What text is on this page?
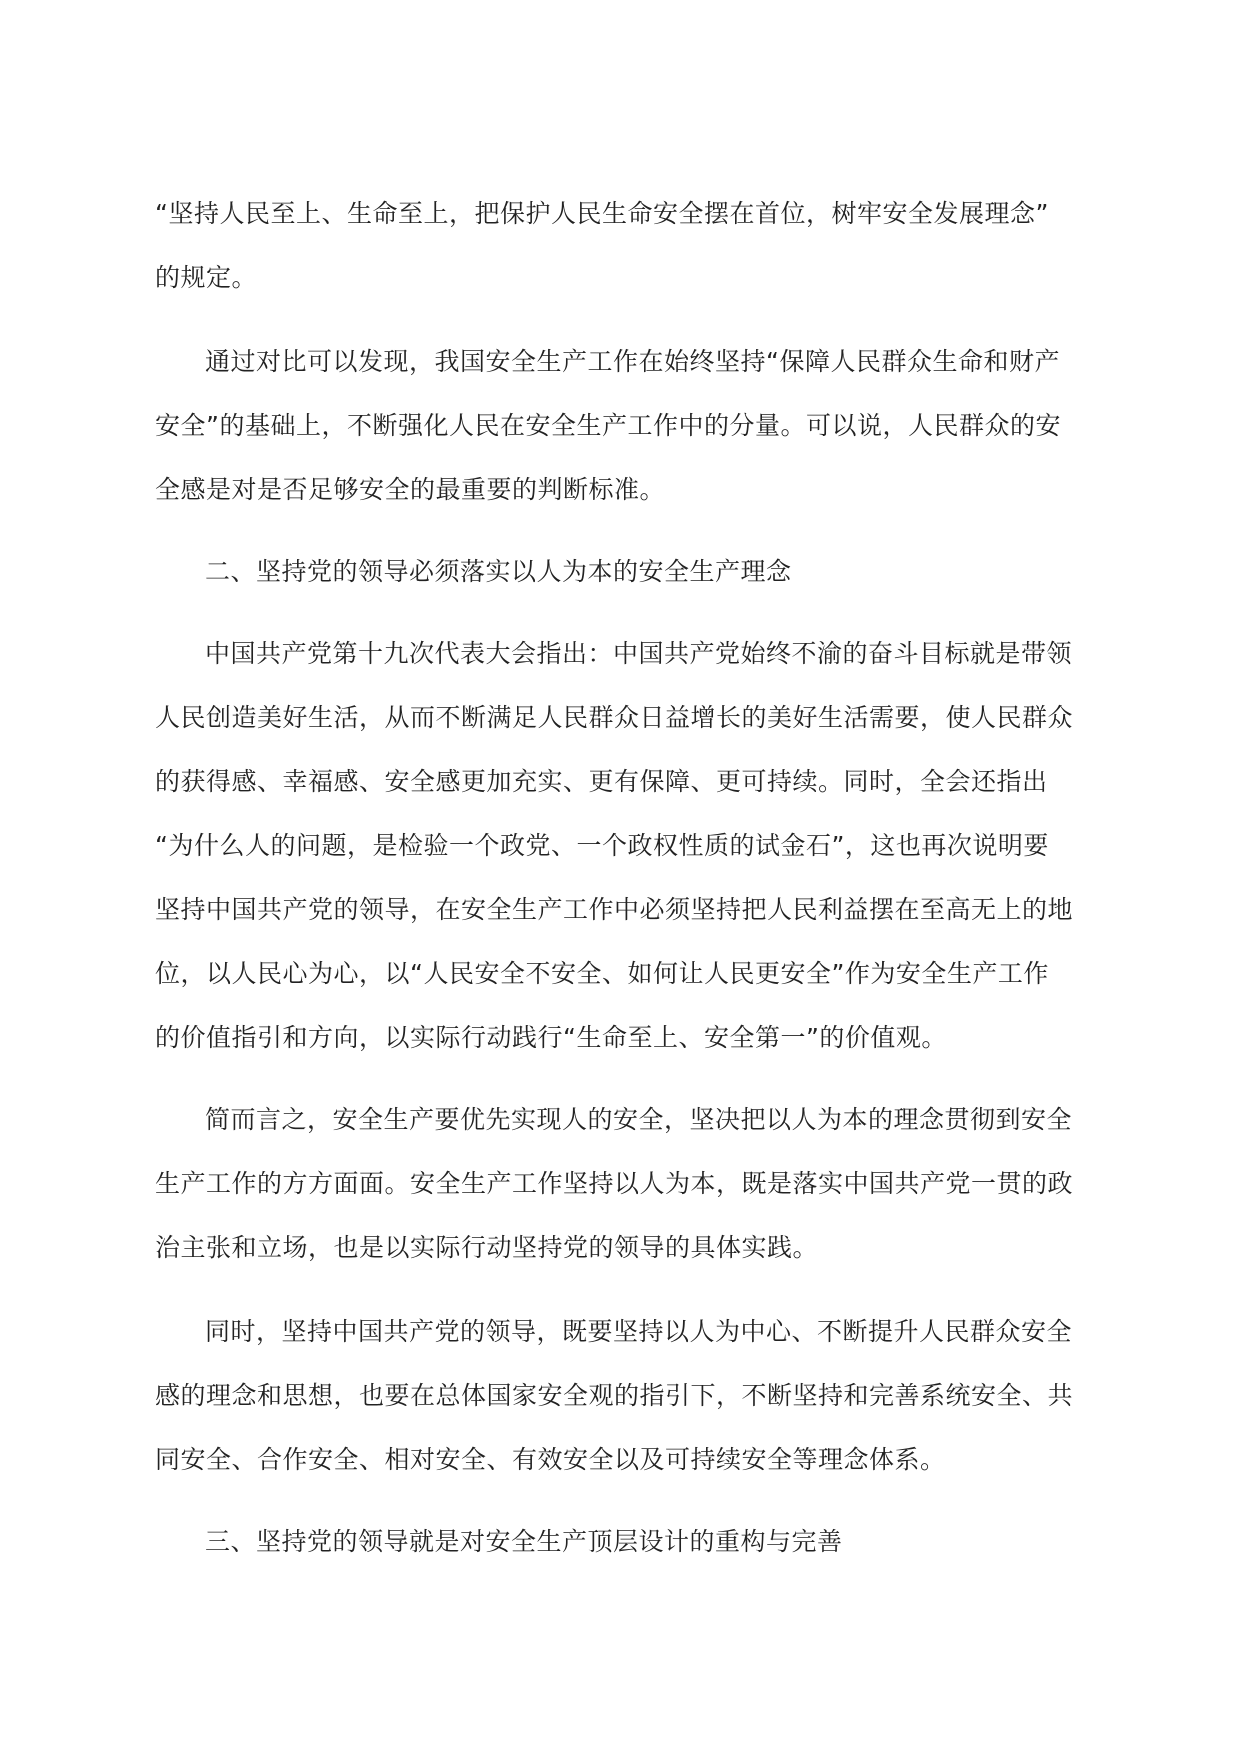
“坚持人民至上、生命至上，把保护人民生命安全摆在首位，树牢安全发展理念”
的规定。
通过对比可以发现，我国安全生产工作在始终坚持“保障人民群众生命和财产
安全”的基础上，不断强化人民在安全生产工作中的分量。可以说，人民群众的安
全感是对是否足够安全的最重要的判断标准。
二、坚持党的领导必须落实以人为本的安全生产理念
中国共产党第十九次代表大会指出：中国共产党始终不渝的奋斗目标就是带领
人民创造美好生活，从而不断满足人民群众日益增长的美好生活需要，使人民群众
的获得感、幸福感、安全感更加充实、更有保障、更可持续。同时，全会还指出
“为什么人的问题，是检验一个政党、一个政权性质的试金石”，这也再次说明要
坚持中国共产党的领导，在安全生产工作中必须坚持把人民利益摆在至高无上的地
位，以人民心为心，以“人民安全不安全、如何让人民更安全”作为安全生产工作
的价值指引和方向，以实际行动践行“生命至上、安全第一”的价值观。
简而言之，安全生产要优先实现人的安全，坚决把以人为本的理念贯彻到安全
生产工作的方方面面。安全生产工作坚持以人为本，既是落实中国共产党一贯的政
治主张和立场，也是以实际行动坚持党的领导的具体实践。
同时，坚持中国共产党的领导，既要坚持以人为中心、不断提升人民群众安全
感的理念和思想，也要在总体国家安全观的指引下，不断坚持和完善系统安全、共
同安全、合作安全、相对安全、有效安全以及可持续安全等理念体系。
三、坚持党的领导就是对安全生产顶层设计的重构与完善
